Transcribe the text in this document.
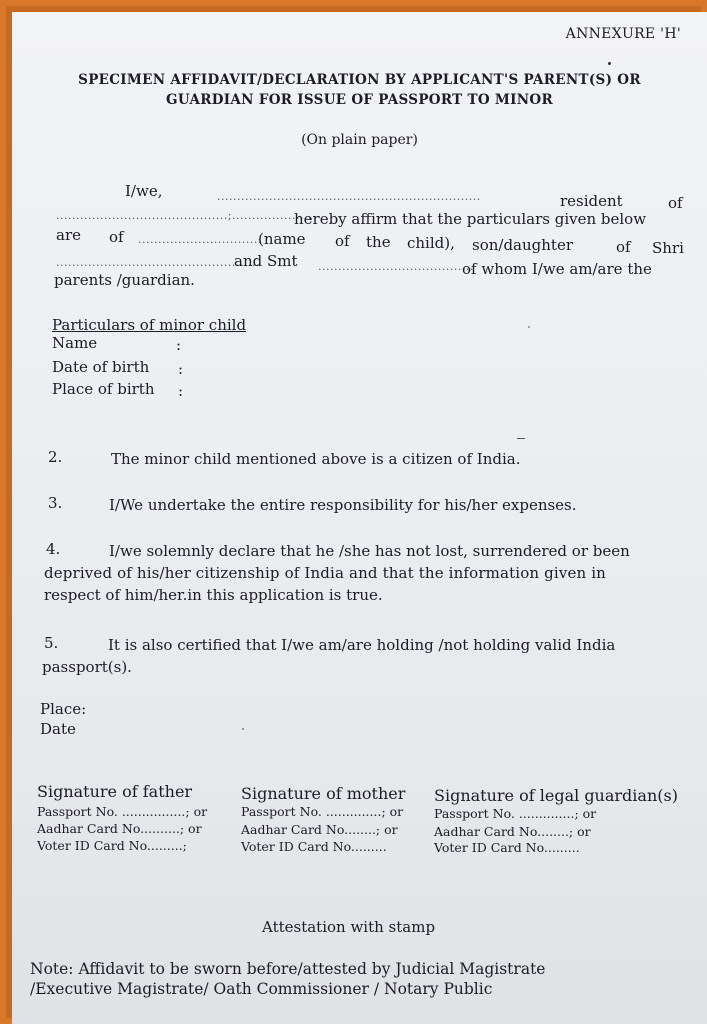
ANNEXURE 'H'
SPECIMEN AFFIDAVIT/DECLARATION BY APPLICANT'S PARENT(S) OR
GUARDIAN FOR ISSUE OF PASSPORT TO MINOR
(On plain paper)
I/we,	..................................................................	resident	of
...........................................;....................
hereby affirm that the particulars given below
are of ...............................
(name of the child), son/daughter	of Shri
...................................................
and Smt .......................................
of whom I/we am/are the
parents /guardian.
Particulars of minor child
Name	:
Date of birth :
Place of birth :
2.	The minor child mentioned above is a citizen of India.
3.	I/We undertake the entire responsibility for his/her expenses.
4.	I/we solemnly declare that he /she has not lost, surrendered or been
deprived of his/her citizenship of India and that the information given in
respect of him/her.in this application is true.
5.	It is also certified that I/we am/are holding /not holding valid India
passport(s).
Place:
Date
Signature of father
Passport No. ................; or
Aadhar Card No..........; or
Voter ID Card No.........;
Signature of mother
Passport No. ..............; or
Aadhar Card No........; or
Voter ID Card No.........
Signature of legal guardian(s)
Passport No. ..............; or
Aadhar Card No........; or
Voter ID Card No.........
Attestation with stamp
Note: Affidavit to be sworn before/attested by Judicial Magistrate
/Executive Magistrate/ Oath Commissioner / Notary Public
